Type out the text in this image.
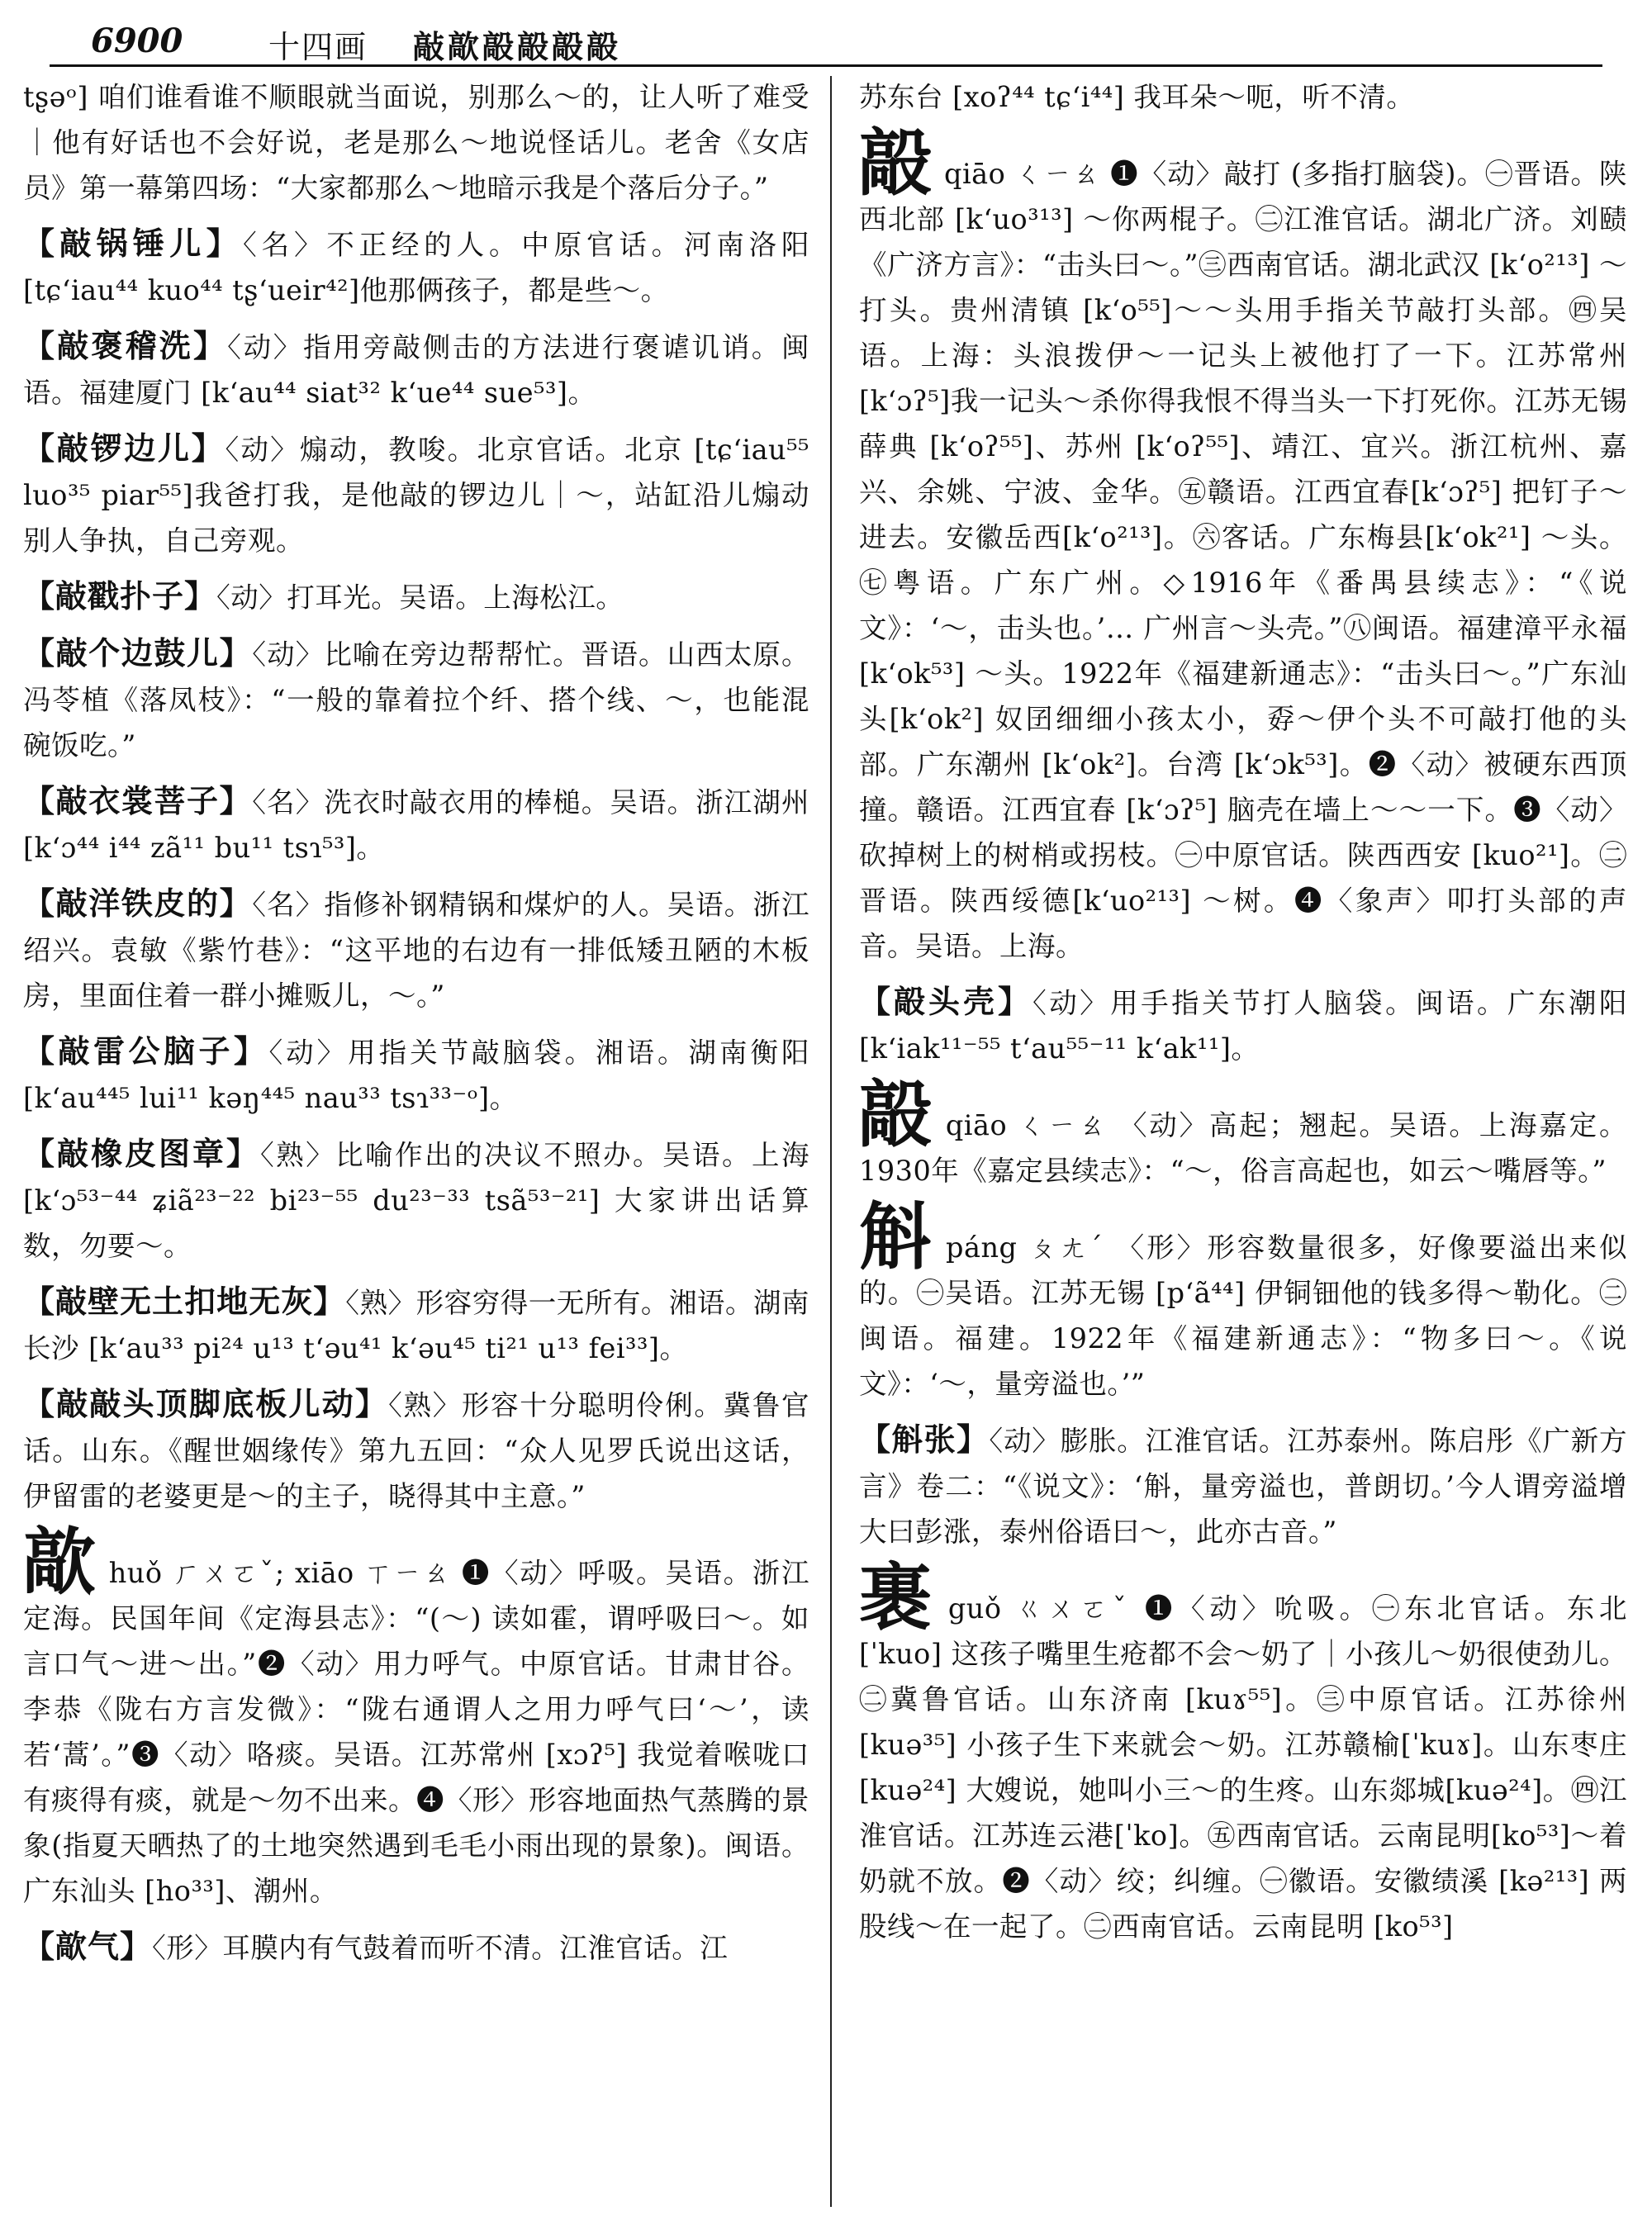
6900	十四画 敲歊毃毃毃毃

tʂəᵒ] 咱们谁看谁不顺眼就当面说，别那么～的，让人听了难受｜他有好话也不会好说，老是那么～地说怪话儿。老舍《女店员》第一幕第四场：“大家都那么～地暗示我是个落后分子。”

【敲锅锤儿】〈名〉不正经的人。中原官话。河南洛阳 [tɕʻiau⁴⁴ kuo⁴⁴ tʂʻueir⁴²]他那俩孩子，都是些～。

【敲褒稽洗】〈动〉指用旁敲侧击的方法进行褒谑讥诮。闽语。福建厦门 [kʻau⁴⁴ siat³² kʻue⁴⁴ sue⁵³]。

【敲锣边儿】〈动〉煽动，教唆。北京官话。北京 [tɕʻiau⁵⁵ luo³⁵ piar⁵⁵]我爸打我，是他敲的锣边儿｜～，站缸沿儿煽动别人争执，自己旁观。

【敲戳扑子】〈动〉打耳光。吴语。上海松江。

【敲个边鼓儿】〈动〉比喻在旁边帮帮忙。晋语。山西太原。冯苓植《落凤枝》：“一般的靠着拉个纤、搭个线、～，也能混碗饭吃。”

【敲衣裳菩子】〈名〉洗衣时敲衣用的棒槌。吴语。浙江湖州 [kʻɔ⁴⁴ i⁴⁴ zã¹¹ bu¹¹ tsɿ⁵³]。

【敲洋铁皮的】〈名〉指修补钢精锅和煤炉的人。吴语。浙江绍兴。袁敏《紫竹巷》：“这平地的右边有一排低矮丑陋的木板房，里面住着一群小摊贩儿，～。”

【敲雷公脑子】〈动〉用指关节敲脑袋。湘语。湖南衡阳[kʻau⁴⁴⁵ lui¹¹ kəŋ⁴⁴⁵ nau³³ tsɿ³³⁻ᵒ]。

【敲橡皮图章】〈熟〉比喻作出的决议不照办。吴语。上海 [kʻɔ⁵³⁻⁴⁴ ʑiã²³⁻²² bi²³⁻⁵⁵ du²³⁻³³ tsã⁵³⁻²¹] 大家讲出话算数，勿要～。

【敲壁无土扣地无灰】〈熟〉形容穷得一无所有。湘语。湖南长沙 [kʻau³³ pi²⁴ u¹³ tʻəu⁴¹ kʻəu⁴⁵ ti²¹ u¹³ fei³³]。

【敲敲头顶脚底板儿动】〈熟〉形容十分聪明伶俐。冀鲁官话。山东。《醒世姻缘传》第九五回：“众人见罗氏说出这话，伊留雷的老婆更是～的主子，晓得其中主意。”

歊huǒ ㄏㄨㄛˇ; xiāo ㄒㄧㄠ ❶〈动〉呼吸。吴语。浙江定海。民国年间《定海县志》：“(～) 读如霍，谓呼吸曰～。如言口气～进～出。”❷〈动〉用力呼气。中原官话。甘肃甘谷。李恭《陇右方言发微》：“陇右通谓人之用力呼气曰‘～’，读若‘蒿’。”❸〈动〉咯痰。吴语。江苏常州 [xɔʔ⁵] 我觉着喉咙口有痰得有痰，就是～勿不出来。❹〈形〉形容地面热气蒸腾的景象(指夏天晒热了的土地突然遇到毛毛小雨出现的景象)。闽语。广东汕头 [ho³³]、潮州。

【歊气】〈形〉耳膜内有气鼓着而听不清。江淮官话。江

苏东台 [xoʔ⁴⁴ tɕʻi⁴⁴] 我耳朵～呃，听不清。

毃qiāo ㄑㄧㄠ ❶〈动〉敲打 (多指打脑袋)。㊀晋语。陕西北部 [kʻuo³¹³] ～你两棍子。㊁江淮官话。湖北广济。刘赜《广济方言》：“击头曰～。”㊂西南官话。湖北武汉 [kʻo²¹³] ～打头。贵州清镇 [kʻo⁵⁵]～～头用手指关节敲打头部。㊃吴语。上海：头浪拨伊～一记头上被他打了一下。江苏常州[kʻɔʔ⁵]我一记头～杀你得我恨不得当头一下打死你。江苏无锡薛典 [kʻoʔ⁵⁵]、苏州 [kʻoʔ⁵⁵]、靖江、宜兴。浙江杭州、嘉兴、余姚、宁波、金华。㊄赣语。江西宜春[kʻɔʔ⁵] 把钉子～进去。安徽岳西[kʻo²¹³]。㊅客话。广东梅县[kʻok²¹] ～头。㊆粤语。广东广州。◇1916年《番禺县续志》：“《说文》：‘～，击头也。’… 广州言～头壳。”㊇闽语。福建漳平永福 [kʻok⁵³] ～头。1922年《福建新通志》：“击头曰～。”广东汕头[kʻok²] 奴囝细细小孩太小，孬～伊个头不可敲打他的头部。广东潮州 [kʻok²]。台湾 [kʻɔk⁵³]。❷〈动〉被硬东西顶撞。赣语。江西宜春 [kʻɔʔ⁵] 脑壳在墙上～～一下。❸〈动〉砍掉树上的树梢或拐枝。㊀中原官话。陕西西安 [kuo²¹]。㊁晋语。陕西绥德[kʻuo²¹³] ～树。❹〈象声〉叩打头部的声音。吴语。上海。

【毃头壳】〈动〉用手指关节打人脑袋。闽语。广东潮阳 [kʻiak¹¹⁻⁵⁵ tʻau⁵⁵⁻¹¹ kʻak¹¹]。

毃qiāo ㄑㄧㄠ 〈动〉高起；翘起。吴语。上海嘉定。1930年《嘉定县续志》：“～，俗言高起也，如云～嘴唇等。”

斛páng ㄆㄤˊ 〈形〉形容数量很多，好像要溢出来似的。㊀吴语。江苏无锡 [pʻã⁴⁴] 伊铜钿他的钱多得～勒化。㊁闽语。福建。1922年《福建新通志》：“物多曰～。《说文》：‘～，量旁溢也。’”

【斛张】〈动〉膨胀。江淮官话。江苏泰州。陈启彤《广新方言》卷二：“《说文》：‘斛，量旁溢也，普朗切。’今人谓旁溢增大曰彭涨，泰州俗语曰～，此亦古音。”

裹guǒ ㄍㄨㄛˇ ❶〈动〉吮吸。㊀东北官话。东北 [ˈkuo] 这孩子嘴里生疮都不会～奶了｜小孩儿～奶很使劲儿。㊁冀鲁官话。山东济南 [kuɤ⁵⁵]。㊂中原官话。江苏徐州 [kuə³⁵] 小孩子生下来就会～奶。江苏赣榆[ˈkuɤ]。山东枣庄[kuə²⁴] 大嫂说，她叫小三～的生疼。山东郯城[kuə²⁴]。㊃江淮官话。江苏连云港[ˈko]。㊄西南官话。云南昆明[ko⁵³]～着奶就不放。❷〈动〉绞；纠缠。㊀徽语。安徽绩溪 [kə²¹³] 两股线～在一起了。㊁西南官话。云南昆明 [ko⁵³]
